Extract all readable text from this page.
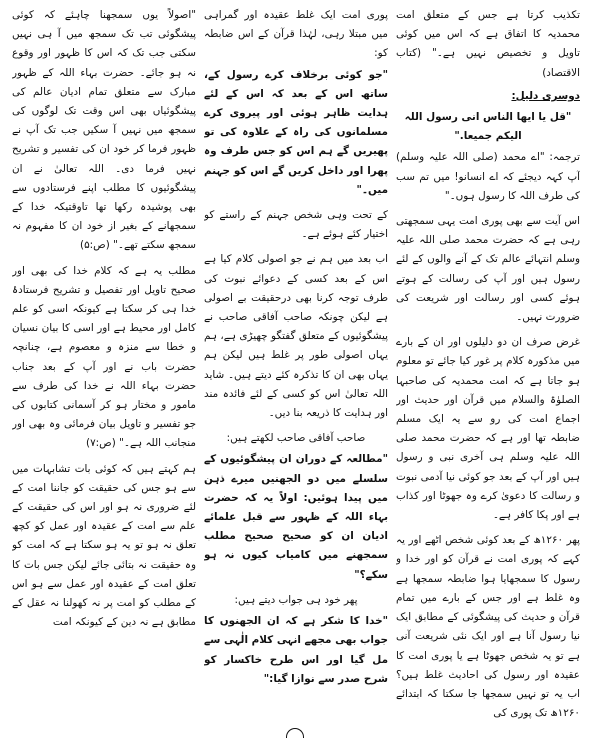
تکذیب کرتا ہے جس کے متعلق امت محمدیہ کا اتفاق ہے کہ اس میں کوئی تاویل و تخصیص نہیں ہے۔" (کتاب الاقتصاد)

دوسری دلیل:

"قل یا ایھا الناس انی رسول اللہ الیکم جمیعا."

ترجمہ: "اے محمد (صلی اللہ علیہ وسلم) آپ کہہ دیجئے کہ اے انسانو! میں تم سب کی طرف اللہ کا رسول ہوں۔"

اس آیت سے بھی پوری امت یہی سمجھتی رہی ہے کہ حضرت محمد صلی اللہ علیہ وسلم انتہائے عالم تک کے آنے والوں کے لئے رسول ہیں اور آپ کی رسالت کے ہوتے ہوئے کسی اور رسالت اور شریعت کی ضرورت نہیں۔

غرض صرف ان دو دلیلوں اور ان کے بارے میں مذکورہ کلام پر غور کیا جائے تو معلوم ہو جاتا ہے کہ امت محمدیہ کی صاحبہا الصلوٰۃ والسلام میں قرآن اور حدیث اور اجماع امت کی رو سے یہ ایک مسلم ضابطہ تھا اور ہے کہ حضرت محمد صلی اللہ علیہ وسلم ہی آخری نبی و رسول ہیں اور آپ کے بعد جو کوئی نیا آدمی نبوت و رسالت کا دعویٰ کرے وہ جھوٹا اور کذاب ہے اور پکا کافر ہے۔

پھر ۱۲۶۰ھ کے بعد کوئی شخص اٹھے اور یہ کہے کہ پوری امت نے قرآن کو اور خدا و رسول کا سمجھایا ہوا ضابطہ سمجھا ہے وہ غلط ہے اور جس کے بارے میں تمام قرآن و حدیث کی پیشگوئی کے مطابق ایک نیا رسول آنا ہے اور ایک نئی شریعت آنی ہے تو یہ شخص جھوٹا ہے یا پوری امت کا عقیدہ اور رسول کی احادیث غلط ہیں؟ اب یہ تو نہیں سمجھا جا سکتا کہ ابتدائے ۱۲۶۰ھ تک پوری کی

پوری امت ایک غلط عقیدہ اور گمراہی میں مبتلا رہی، لہٰذا قرآن کے اس ضابطہ کو:

"جو کوئی برخلاف کرے رسول کے، ساتھ اس کے بعد کہ اس کے لئے ہدایت ظاہر ہوئی اور پیروی کرے مسلمانوں کی راہ کے علاوہ کی تو پھیریں گے ہم اس کو جس طرف وہ پھرا اور داخل کریں گے اس کو جہنم میں۔"

کے تحت وہی شخص جہنم کے راستے کو اختیار کئے ہوئے ہے۔

اب بعد میں ہم نے جو اصولی کلام کیا ہے اس کے بعد کسی کے دعوائے نبوت کی طرف توجہ کرنا بھی درحقیقت بے اصولی ہے لیکن چونکہ صاحب آفاقی صاحب نے پیشگوئیوں کے متعلق گفتگو چھیڑی ہے، ہم یہاں اصولی طور پر غلط ہیں لیکن ہم یہاں بھی ان کا تذکرہ کئے دیتے ہیں۔ شاید اللہ تعالیٰ اس کو کسی کے لئے فائدہ مند اور ہدایت کا ذریعہ بنا دیں۔

صاحب آفاقی صاحب لکھتے ہیں:

"مطالعہ کے دوران ان پیشگوئیوں کے سلسلے میں دو الجھنیں میرے ذہن میں پیدا ہوئیں: اولاً یہ کہ حضرت بہاء اللہ کے ظہور سے قبل علمائے ادیان ان کو صحیح صحیح مطلب سمجھنے میں کامیاب کیوں نہ ہو سکے؟"

پھر خود ہی جواب دیتے ہیں:

"خدا کا شکر ہے کہ ان الجھنوں کا جواب بھی مجھے انہی کلام الٰہی سے مل گیا اور اس طرح خاکسار کو شرح صدر سے نوازا گیا:"

"اصولاً یوں سمجھنا چاہئے کہ کوئی پیشگوئی تب تک سمجھ میں آ ہی نہیں سکتی جب تک کہ اس کا ظہور اور وقوع نہ ہو جائے۔ حضرت بہاء اللہ کے ظہور مبارک سے متعلق تمام ادیان عالم کی پیشگوئیاں بھی اس وقت تک لوگوں کی سمجھ میں نہیں آ سکیں جب تک آپ نے ظہور فرما کر خود ان کی تفسیر و تشریح نہیں فرما دی۔ اللہ تعالیٰ نے ان پیشگوئیوں کا مطلب اپنے فرستادوں سے بھی پوشیدہ رکھا تھا تاوقتیکہ خدا کے سمجھانے کے بغیر از خود ان کا مفہوم نہ سمجھ سکتے تھے۔" (ص:۵)

مطلب یہ ہے کہ کلام خدا کی بھی اور صحیح تاویل اور تفصیل و تشریح فرستادۂ خدا ہی کر سکتا ہے کیونکہ اسی کو علم کامل اور محیط ہے اور اسی کا بیان نسیان و خطا سے منزہ و معصوم ہے، چنانچہ حضرت باب نے اور آپ کے بعد جناب حضرت بہاء اللہ نے خدا کی طرف سے مامور و مختار ہو کر آسمانی کتابوں کی جو تفسیر و تاویل بیان فرمائی وہ بھی اور منجانب اللہ ہے۔" (ص:۷)

ہم کہتے ہیں کہ کوئی بات تشابہات میں سے ہو جس کی حقیقت کو جاننا امت کے لئے ضروری نہ ہو اور اس کی حقیقت کے علم سے امت کے عقیدہ اور عمل کو کچھ تعلق نہ ہو تو یہ ہو سکتا ہے کہ امت کو وہ حقیقت نہ بتائی جائے لیکن جس بات کا تعلق امت کے عقیدہ اور عمل سے ہو اس کے مطلب کو امت پر نہ کھولنا نہ عقل کے مطابق ہے نہ دین کے کیونکہ امت
